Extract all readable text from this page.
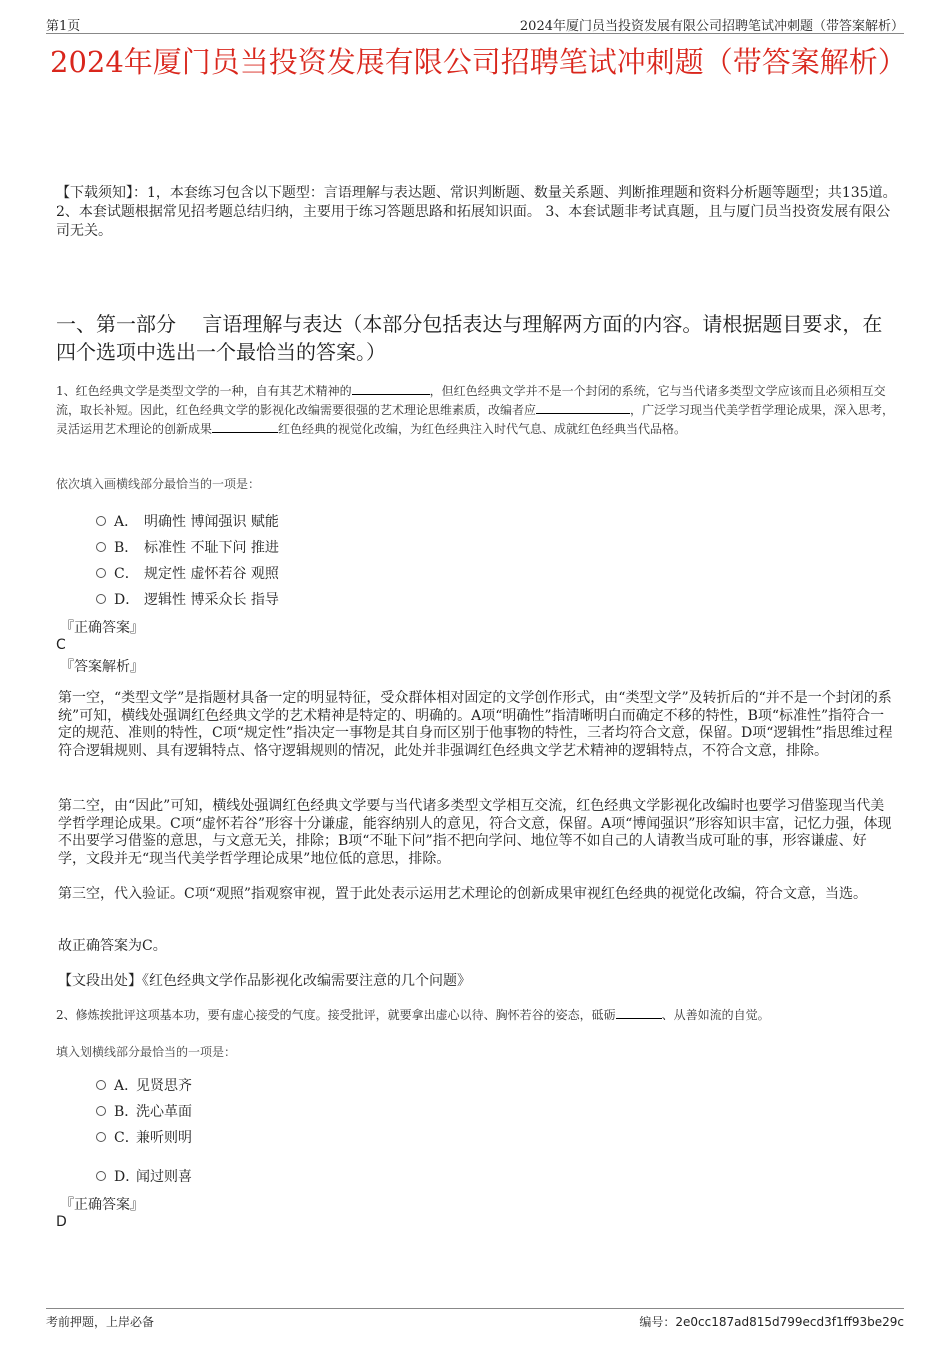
第1页	2024年厦门员当投资发展有限公司招聘笔试冲刺题（带答案解析）
2024年厦门员当投资发展有限公司招聘笔试冲刺题（带答案解析）
【下载须知】：1，本套练习包含以下题型：言语理解与表达题、常识判断题、数量关系题、判断推理题和资料分析题等题型；共135道。 2、本套试题根据常见招考题总结归纳，主要用于练习答题思路和拓展知识面。 3、本套试题非考试真题，且与厦门员当投资发展有限公司无关。
一、第一部分　 言语理解与表达（本部分包括表达与理解两方面的内容。请根据题目要求，在四个选项中选出一个最恰当的答案。）
1、红色经典文学是类型文学的一种，自有其艺术精神的	，但红色经典文学并不是一个封闭的系统，它与当代诸多类型文学应该而且必须相互交流，取长补短。因此，红色经典文学的影视化改编需要很强的艺术理论思维素质，改编者应	，广泛学习现当代美学哲学理论成果，深入思考，灵活运用艺术理论的创新成果	红色经典的视觉化改编，为红色经典注入时代气息、成就红色经典当代品格。
依次填入画横线部分最恰当的一项是：
A． 明确性 博闻强识 赋能
B． 标准性 不耻下问 推进
C． 规定性 虚怀若谷 观照
D． 逻辑性 博采众长 指导
『正确答案』
C
『答案解析』
第一空，“类型文学”是指题材具备一定的明显特征，受众群体相对固定的文学创作形式，由“类型文学”及转折后的“并不是一个封闭的系统”可知，横线处强调红色经典文学的艺术精神是特定的、明确的。A项“明确性”指清晰明白而确定不移的特性，B项“标准性”指符合一定的规范、准则的特性，C项“规定性”指决定一事物是其自身而区别于他事物的特性，三者均符合文意，保留。D项“逻辑性”指思维过程符合逻辑规则、具有逻辑特点、恪守逻辑规则的情况，此处并非强调红色经典文学艺术精神的逻辑特点，不符合文意，排除。
第二空，由“因此”可知，横线处强调红色经典文学要与当代诸多类型文学相互交流，红色经典文学影视化改编时也要学习借鉴现当代美学哲学理论成果。C项“虚怀若谷”形容十分谦虚，能容纳别人的意见，符合文意，保留。A项“博闻强识”形容知识丰富，记忆力强，体现不出要学习借鉴的意思，与文意无关，排除；B项“不耻下问”指不把向学问、地位等不如自己的人请教当成可耻的事，形容谦虚、好学，文段并无“现当代美学哲学理论成果”地位低的意思，排除。
第三空，代入验证。C项“观照”指观察审视，置于此处表示运用艺术理论的创新成果审视红色经典的视觉化改编，符合文意，当选。
故正确答案为C。
【文段出处】《红色经典文学作品影视化改编需要注意的几个问题》
2、修炼挨批评这项基本功，要有虚心接受的气度。接受批评，就要拿出虚心以待、胸怀若谷的姿态，砥砺	、从善如流的自觉。
填入划横线部分最恰当的一项是：
A．见贤思齐
B．洗心革面
C．兼听则明
D．闻过则喜
『正确答案』
D
考前押题，上岸必备	编号：2e0cc187ad815d799ecd3f1ff93be29c
